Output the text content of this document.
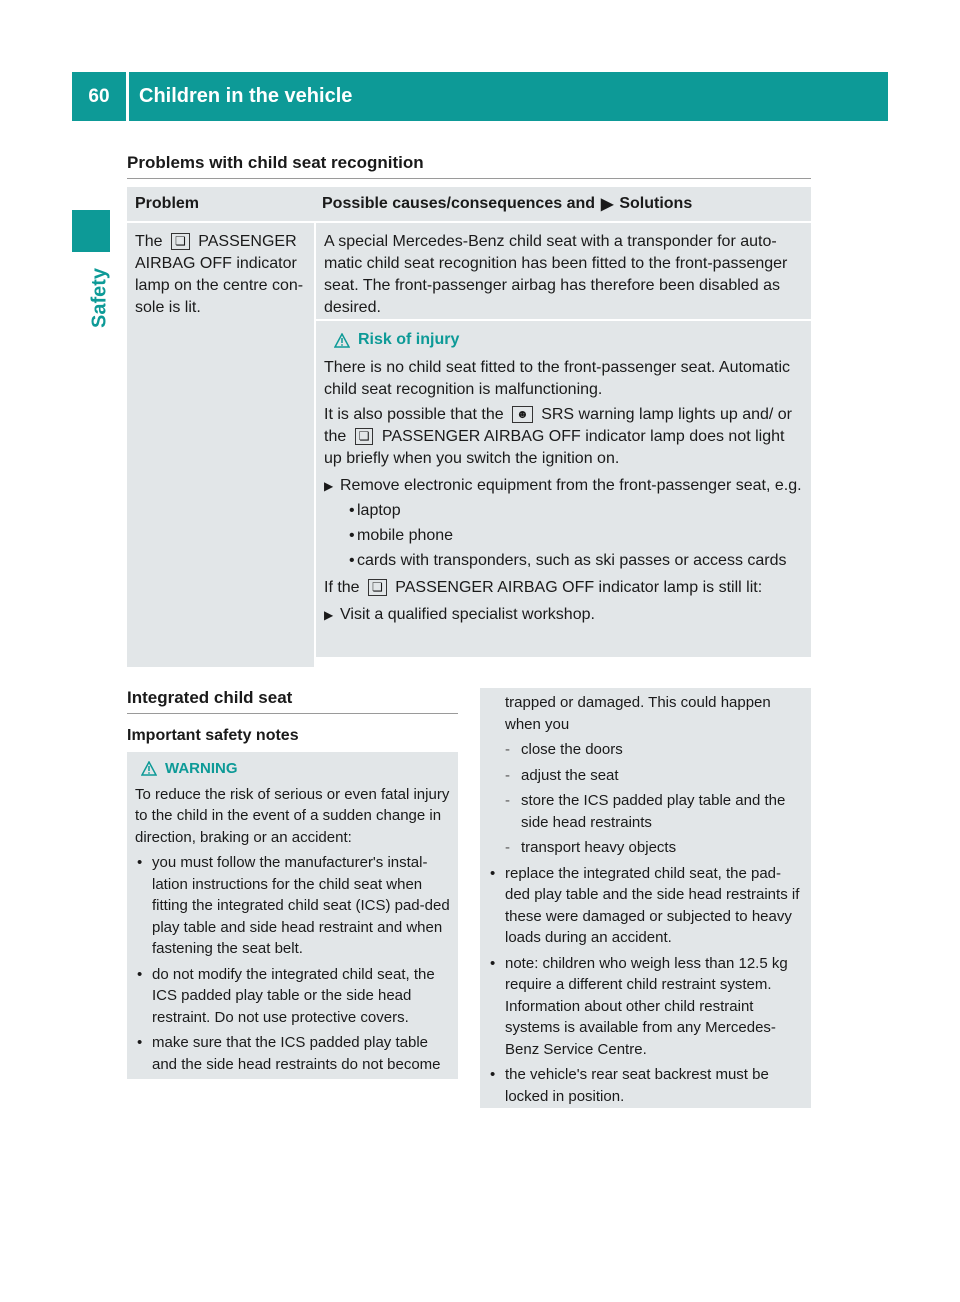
60	Children in the vehicle
Safety
Problems with child seat recognition
Problem	Possible causes/consequences and ▶ Solutions
The ❏ PASSENGER AIRBAG OFF indicator lamp on the centre con-sole is lit.
A special Mercedes-Benz child seat with a transponder for auto-matic child seat recognition has been fitted to the front-passenger seat. The front-passenger airbag has therefore been disabled as desired.
Risk of injury

There is no child seat fitted to the front-passenger seat. Automatic child seat recognition is malfunctioning.

It is also possible that the ☻ SRS warning lamp lights up and/ or the ❏ PASSENGER AIRBAG OFF indicator lamp does not light up briefly when you switch the ignition on.

▶ Remove electronic equipment from the front-passenger seat, e.g.
• laptop
• mobile phone
• cards with transponders, such as ski passes or access cards

If the ❏ PASSENGER AIRBAG OFF indicator lamp is still lit:

▶ Visit a qualified specialist workshop.
Integrated child seat
Important safety notes
WARNING
To reduce the risk of serious or even fatal injury to the child in the event of a sudden change in direction, braking or an accident:
• you must follow the manufacturer's instal-lation instructions for the child seat when fitting the integrated child seat (ICS) pad-ded play table and side head restraint and when fastening the seat belt.
• do not modify the integrated child seat, the ICS padded play table or the side head restraint. Do not use protective covers.
• make sure that the ICS padded play table and the side head restraints do not become
trapped or damaged. This could happen when you
- close the doors
- adjust the seat
- store the ICS padded play table and the side head restraints
- transport heavy objects
• replace the integrated child seat, the pad-ded play table and the side head restraints if these were damaged or subjected to heavy loads during an accident.
• note: children who weigh less than 12.5 kg require a different child restraint system. Information about other child restraint systems is available from any Mercedes-Benz Service Centre.
• the vehicle's rear seat backrest must be locked in position.
